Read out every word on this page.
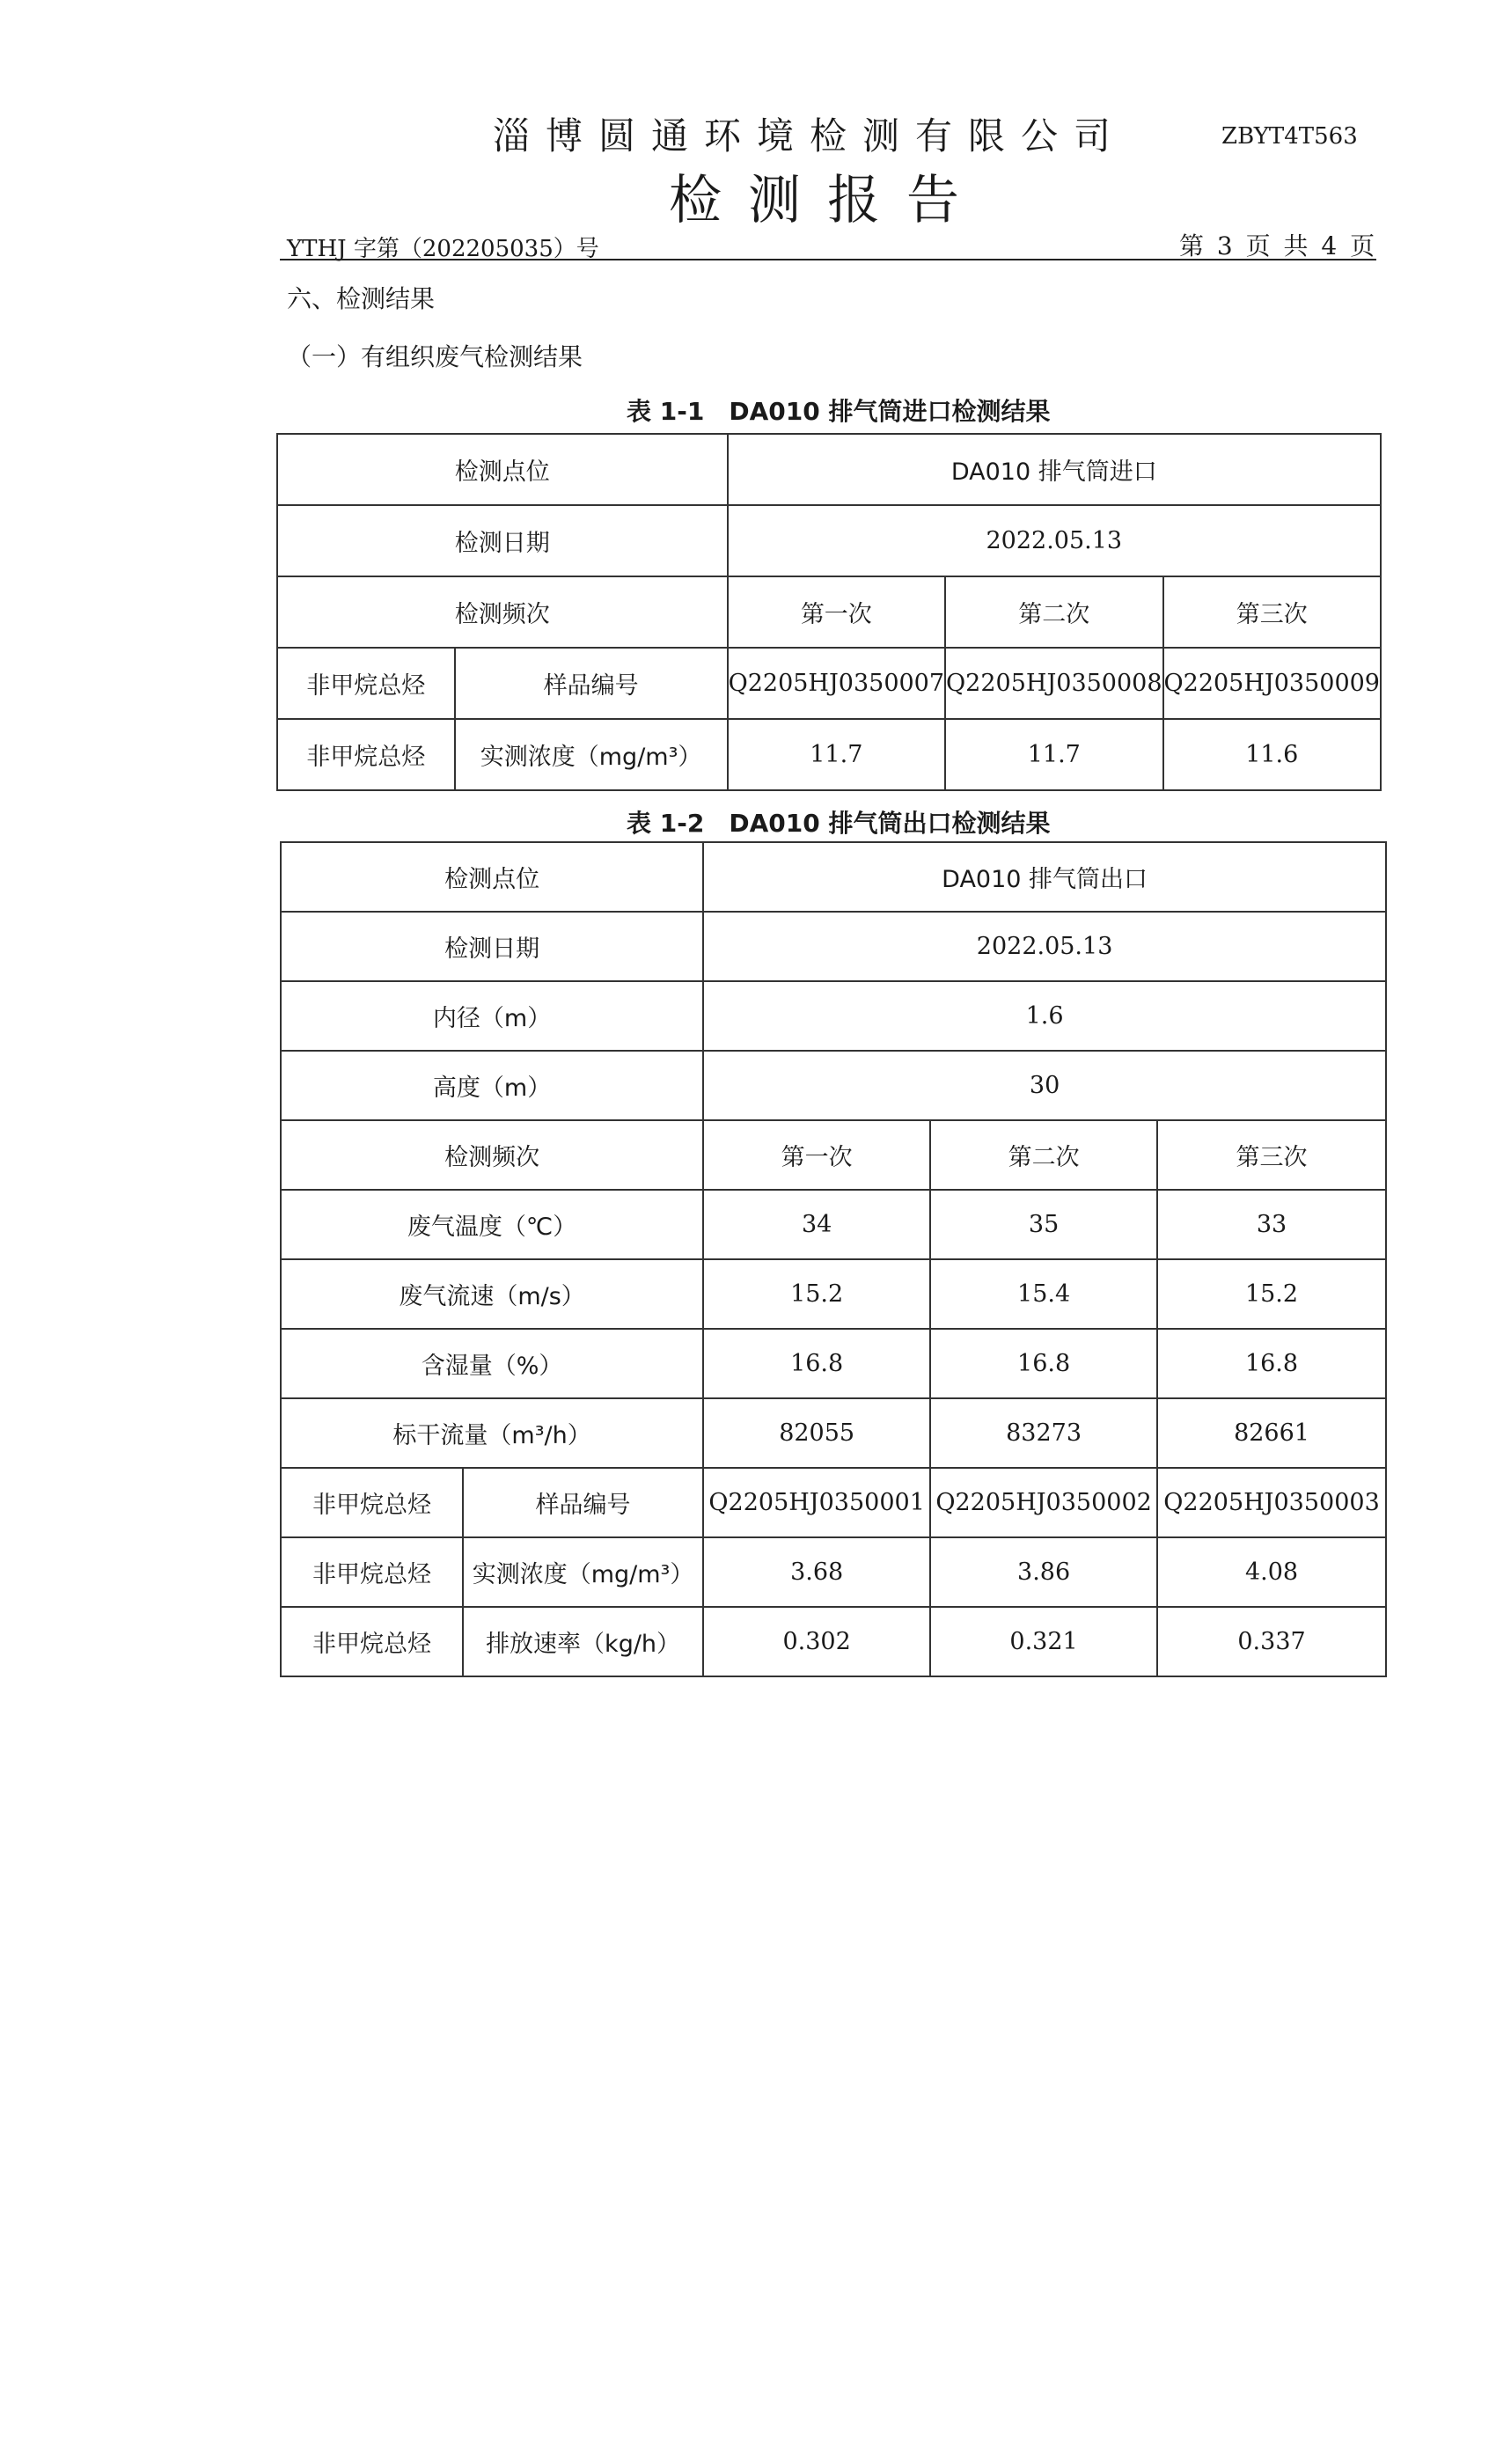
淄博圆通环境检测有限公司	ZBYT4T563
检测报告
YTHJ 字第（202205035）号	第 3 页 共 4 页
六、检测结果
（一）有组织废气检测结果
表 1-1　DA010 排气筒进口检测结果
检测点位		DA010 排气筒进口		
检测日期		2022.05.13		
检测频次		第一次	第二次	第三次
非甲烷总烃	样品编号	Q2205HJ0350007	Q2205HJ0350008	Q2205HJ0350009
非甲烷总烃	实测浓度（mg/m³）	11.7	11.7	11.6
表 1-2　DA010 排气筒出口检测结果
检测点位		DA010 排气筒出口		
检测日期		2022.05.13		
内径（m）		1.6		
高度（m）		30		
检测频次		第一次	第二次	第三次
废气温度（℃）		34	35	33
废气流速（m/s）		15.2	15.4	15.2
含湿量（%）		16.8	16.8	16.8
标干流量（m³/h）		82055	83273	82661
非甲烷总烃	样品编号	Q2205HJ0350001	Q2205HJ0350002	Q2205HJ0350003
非甲烷总烃	实测浓度（mg/m³）	3.68	3.86	4.08
非甲烷总烃	排放速率（kg/h）	0.302	0.321	0.337
